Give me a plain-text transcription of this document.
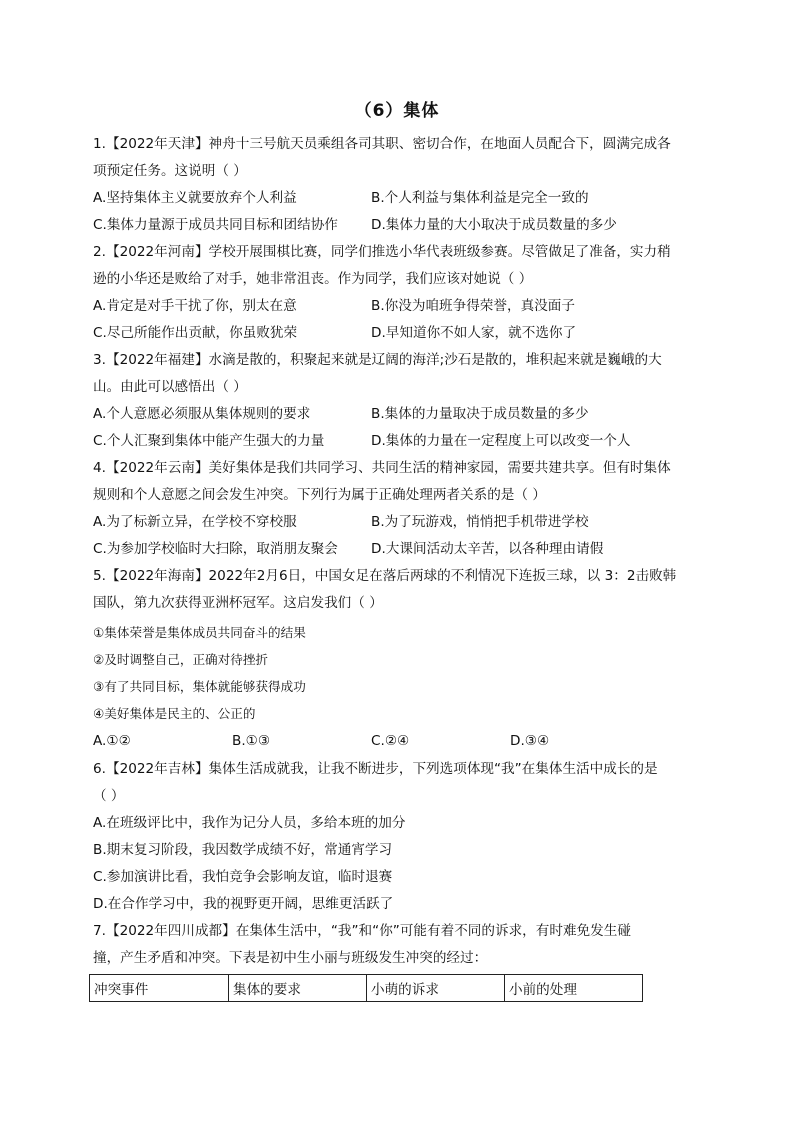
（6）集体
1.【2022年天津】神舟十三号航天员乘组各司其职、密切合作，在地面人员配合下，圆满完成各
项预定任务。这说明（ ）
A.坚持集体主义就要放弃个人利益	B.个人利益与集体利益是完全一致的
C.集体力量源于成员共同目标和团结协作 D.集体力量的大小取决于成员数量的多少
2.【2022年河南】学校开展围棋比赛，同学们推选小华代表班级参赛。尽管做足了准备，实力稍
逊的小华还是败给了对手，她非常沮丧。作为同学，我们应该对她说（ ）
A.肯定是对手干扰了你，别太在意	B.你没为咱班争得荣誉，真没面子
C.尽己所能作出贡献，你虽败犹荣	D.早知道你不如人家，就不选你了
3.【2022年福建】水滴是散的，积聚起来就是辽阔的海洋;沙石是散的，堆积起来就是巍峨的大
山。由此可以感悟出（ ）
A.个人意愿必须服从集体规则的要求	B.集体的力量取决于成员数量的多少
C.个人汇聚到集体中能产生强大的力量	D.集体的力量在一定程度上可以改变一个人
4.【2022年云南】美好集体是我们共同学习、共同生活的精神家园，需要共建共享。但有时集体
规则和个人意愿之间会发生冲突。下列行为属于正确处理两者关系的是（ ）
A.为了标新立异，在学校不穿校服	B.为了玩游戏，悄悄把手机带进学校
C.为参加学校临时大扫除，取消朋友聚会 D.大课间活动太辛苦，以各种理由请假
5.【2022年海南】2022年2月6日，中国女足在落后两球的不利情况下连扳三球，以 3：2击败韩
国队，第九次获得亚洲杯冠军。这启发我们（ ）
①集体荣誉是集体成员共同奋斗的结果
②及时调整自己，正确对待挫折
③有了共同目标，集体就能够获得成功
④美好集体是民主的、公正的
A.①②	B.①③	C.②④	D.③④
6.【2022年吉林】集体生活成就我，让我不断进步，下列选项体现“我”在集体生活中成长的是
（ ）
A.在班级评比中，我作为记分人员，多给本班的加分
B.期末复习阶段，我因数学成绩不好，常通宵学习
C.参加演讲比看，我怕竞争会影响友谊，临时退赛
D.在合作学习中，我的视野更开阔，思维更活跃了
7.【2022年四川成都】在集体生活中，“我”和“你”可能有着不同的诉求，有时难免发生碰
撞，产生矛盾和冲突。下表是初中生小丽与班级发生冲突的经过：
冲突事件	集体的要求	小萌的诉求	小前的处理
